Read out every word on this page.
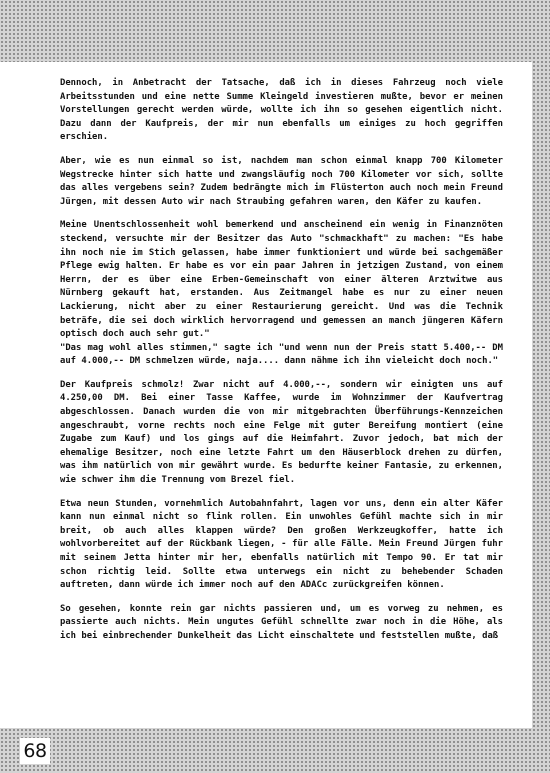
68

Dennoch, in Anbetracht der Tatsache, daß ich in dieses Fahrzeug noch viele Arbeitsstunden und eine nette Summe Kleingeld investieren mußte, bevor er meinen Vorstellungen gerecht werden würde, wollte ich ihn so gesehen eigentlich nicht. Dazu dann der Kaufpreis, der mir nun ebenfalls um einiges zu hoch gegriffen erschien.

Aber, wie es nun einmal so ist, nachdem man schon einmal knapp 700 Kilometer Wegstrecke hinter sich hatte und zwangsläufig noch 700 Kilometer vor sich, sollte das alles vergebens sein? Zudem bedrängte mich im Flüsterton auch noch mein Freund Jürgen, mit dessen Auto wir nach Straubing gefahren waren, den Käfer zu kaufen.

Meine Unentschlossenheit wohl bemerkend und anscheinend ein wenig in Finanznöten steckend, versuchte mir der Besitzer das Auto "schmackhaft" zu machen: "Es habe ihn noch nie im Stich gelassen, habe immer funktioniert und würde bei sachgemäßer Pflege ewig halten. Er habe es vor ein paar Jahren in jetzigen Zustand, von einem Herrn, der es über eine Erben-Gemeinschaft von einer älteren Arztwitwe aus Nürnberg gekauft hat, erstanden. Aus Zeitmangel habe es nur zu einer neuen Lackierung, nicht aber zu einer Restaurierung gereicht. Und was die Technik beträfe, die sei doch wirklich hervorragend und gemessen an manch jüngeren Käfern optisch doch auch sehr gut."

"Das mag wohl alles stimmen," sagte ich "und wenn nun der Preis statt 5.400,-- DM auf 4.000,-- DM schmelzen würde, naja.... dann nähme ich ihn vieleicht doch noch."

Der Kaufpreis schmolz! Zwar nicht auf 4.000,--, sondern wir einigten uns auf 4.250,00 DM. Bei einer Tasse Kaffee, wurde im Wohnzimmer der Kaufvertrag abgeschlossen. Danach wurden die von mir mitgebrachten Überführungs-Kennzeichen angeschraubt, vorne rechts noch eine Felge mit guter Bereifung montiert (eine Zugabe zum Kauf) und los gings auf die Heimfahrt. Zuvor jedoch, bat mich der ehemalige Besitzer, noch eine letzte Fahrt um den Häuserblock drehen zu dürfen, was ihm natürlich von mir gewährt wurde. Es bedurfte keiner Fantasie, zu erkennen, wie schwer ihm die Trennung vom Brezel fiel.

Etwa neun Stunden, vornehmlich Autobahnfahrt, lagen vor uns, denn ein alter Käfer kann nun einmal nicht so flink rollen. Ein unwohles Gefühl machte sich in mir breit, ob auch alles klappen würde? Den großen Werkzeugkoffer, hatte ich wohlvorbereitet auf der Rückbank liegen, - für alle Fälle. Mein Freund Jürgen fuhr mit seinem Jetta hinter mir her, ebenfalls natürlich mit Tempo 90. Er tat mir schon richtig leid. Sollte etwa unterwegs ein nicht zu behebender Schaden auftreten, dann würde ich immer noch auf den ADACc zurückgreifen können.

So gesehen, konnte rein gar nichts passieren und, um es vorweg zu nehmen, es passierte auch nichts. Mein ungutes Gefühl schnellte zwar noch in die Höhe, als ich bei einbrechender Dunkelheit das Licht einschaltete und feststellen mußte, daß
